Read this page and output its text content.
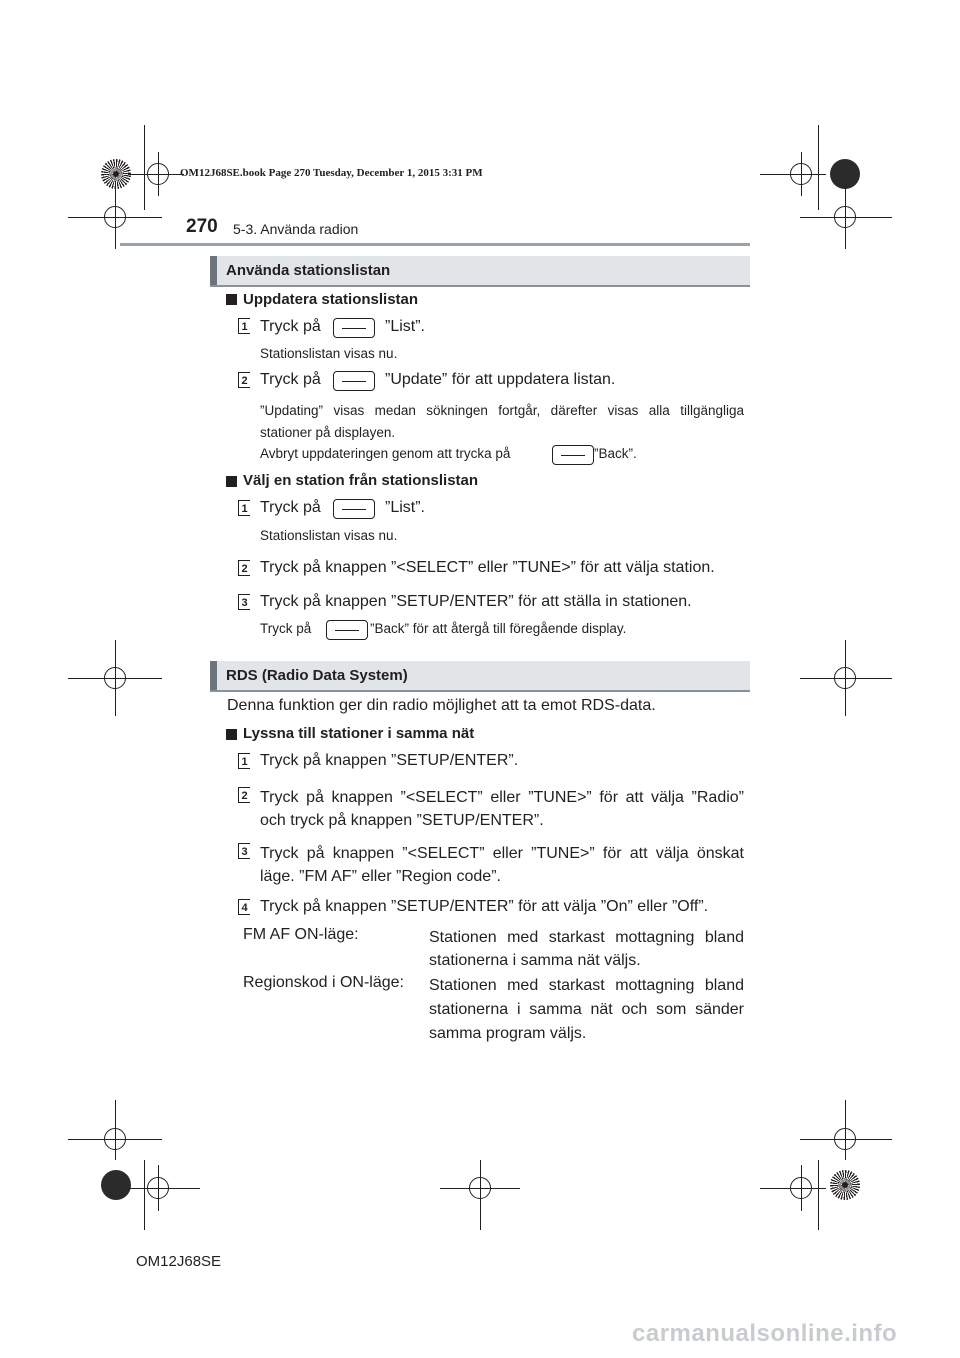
OM12J68SE.book Page 270 Tuesday, December 1, 2015 3:31 PM
270 5-3. Använda radion
Använda stationslistan
Uppdatera stationslistan
1 Tryck på	”List”.
Stationslistan visas nu.
2 Tryck på	”Update” för att uppdatera listan.
”Updating” visas medan sökningen fortgår, därefter visas alla tillgängliga stationer på displayen.
Avbryt uppdateringen genom att trycka på	”Back”.
Välj en station från stationslistan
1 Tryck på	”List”.
Stationslistan visas nu.
2 Tryck på knappen ”<SELECT” eller ”TUNE>” för att välja station.
3 Tryck på knappen ”SETUP/ENTER” för att ställa in stationen.
Tryck på	”Back” för att återgå till föregående display.
RDS (Radio Data System)
Denna funktion ger din radio möjlighet att ta emot RDS-data.
Lyssna till stationer i samma nät
1 Tryck på knappen ”SETUP/ENTER”.
2 Tryck på knappen ”<SELECT” eller ”TUNE>” för att välja ”Radio” och tryck på knappen ”SETUP/ENTER”.
3 Tryck på knappen ”<SELECT” eller ”TUNE>” för att välja önskat läge. ”FM AF” eller ”Region code”.
4 Tryck på knappen ”SETUP/ENTER” för att välja ”On” eller ”Off”.
FM AF ON-läge:	Stationen med starkast mottagning bland stationerna i samma nät väljs.
Regionskod i ON-läge: Stationen med starkast mottagning bland stationerna i samma nät och som sänder samma program väljs.
OM12J68SE
carmanualsonline.info
